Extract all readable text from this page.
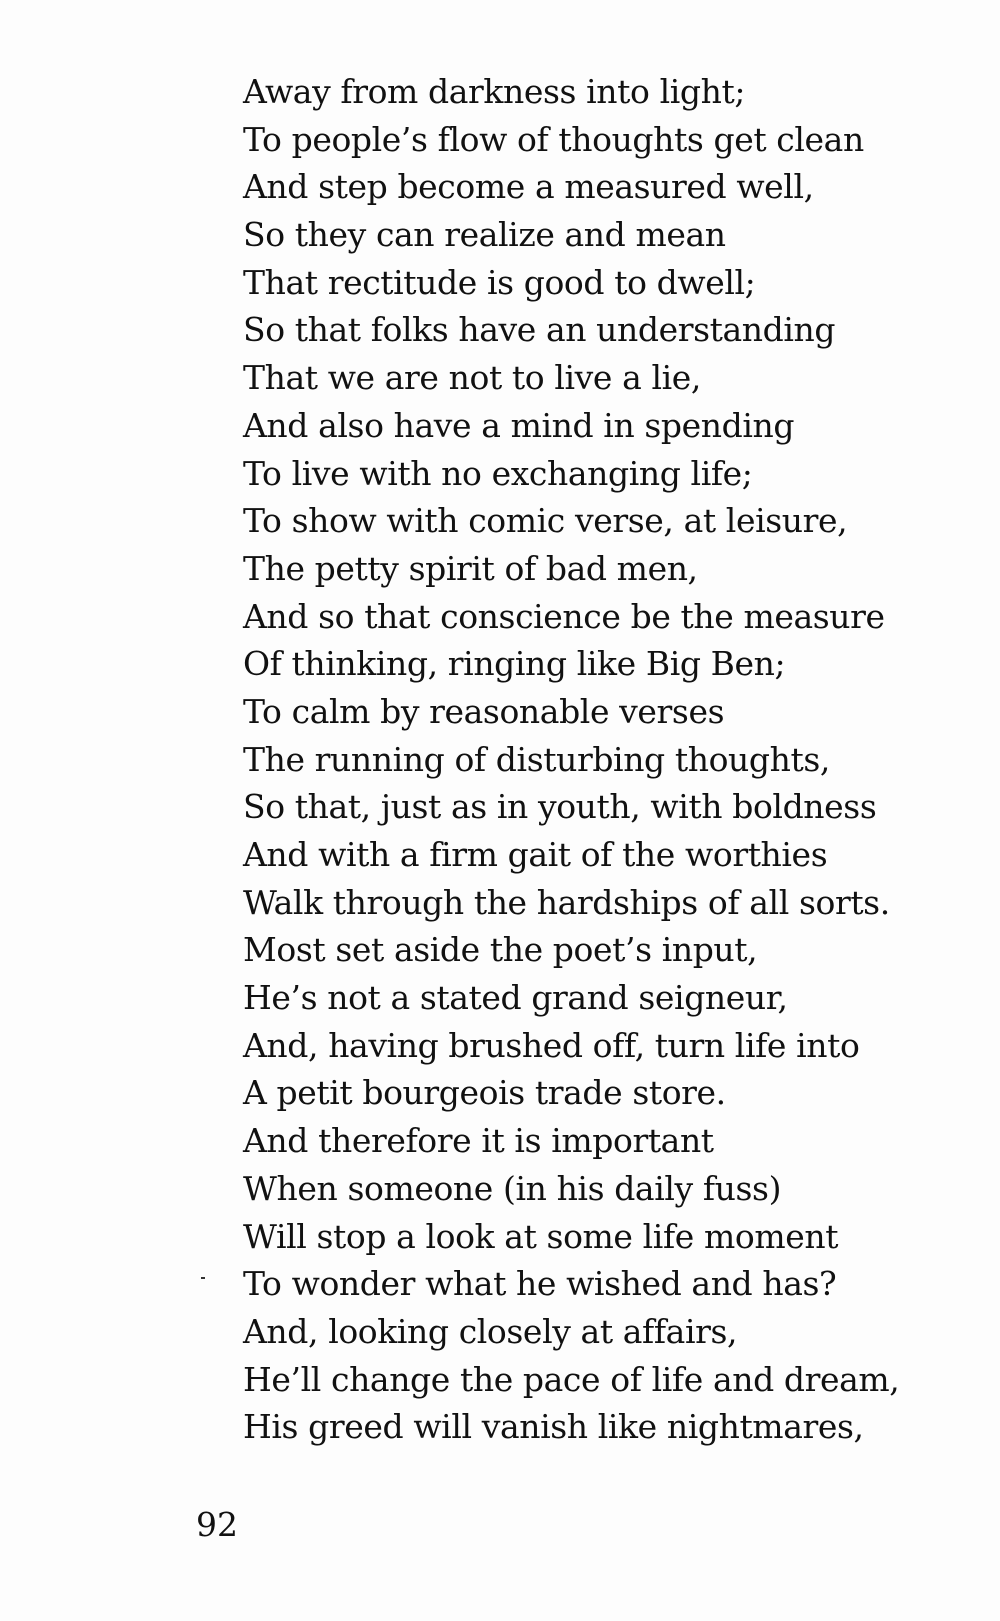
Away from darkness into light;
To people’s flow of thoughts get clean
And step become a measured well,
So they can realize and mean
That rectitude is good to dwell;
So that folks have an understanding
That we are not to live a lie,
And also have a mind in spending
To live with no exchanging life;
To show with comic verse, at leisure,
The petty spirit of bad men,
And so that conscience be the measure
Of thinking, ringing like Big Ben;
To calm by reasonable verses
The running of disturbing thoughts,
So that, just as in youth, with boldness
And with a firm gait of the worthies
Walk through the hardships of all sorts.
Most set aside the poet’s input,
He’s not a stated grand seigneur,
And, having brushed off, turn life into
A petit bourgeois trade store.
And therefore it is important
When someone (in his daily fuss)
Will stop a look at some life moment
To wonder what he wished and has?
And, looking closely at affairs,
He’ll change the pace of life and dream,
His greed will vanish like nightmares,
92
